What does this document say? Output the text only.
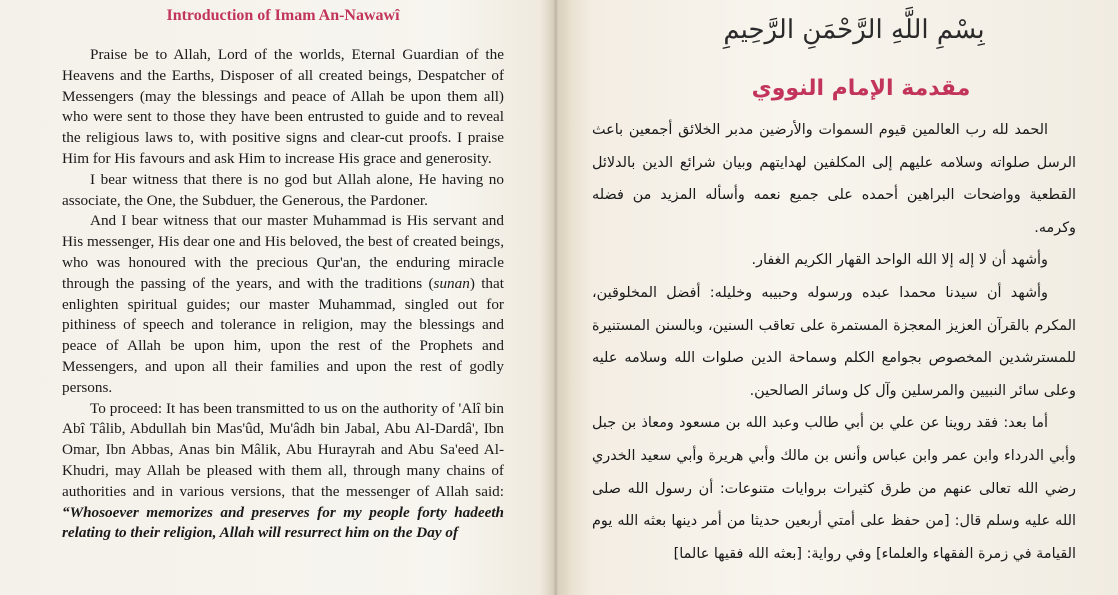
Introduction of Imam An-Nawawî

Praise be to Allah, Lord of the worlds, Eternal Guardian of the Heavens and the Earths, Disposer of all created beings, Despatcher of Messengers (may the blessings and peace of Allah be upon them all) who were sent to those they have been entrusted to guide and to reveal the religious laws to, with positive signs and clear-cut proofs. I praise Him for His favours and ask Him to increase His grace and generosity.

I bear witness that there is no god but Allah alone, He having no associate, the One, the Subduer, the Generous, the Pardoner.

And I bear witness that our master Muhammad is His servant and His messenger, His dear one and His beloved, the best of created beings, who was honoured with the precious Qur'an, the enduring miracle through the passing of the years, and with the traditions (sunan) that enlighten spiritual guides; our master Muhammad, singled out for pithiness of speech and tolerance in religion, may the blessings and peace of Allah be upon him, upon the rest of the Prophets and Messengers, and upon all their families and upon the rest of godly persons.

To proceed: It has been transmitted to us on the authority of 'Alî bin Abî Tâlib, Abdullah bin Mas'ûd, Mu'âdh bin Jabal, Abu Al-Dardâ', Ibn Omar, Ibn Abbas, Anas bin Mâlik, Abu Hurayrah and Abu Sa'eed Al-Khudri, may Allah be pleased with them all, through many chains of authorities and in various versions, that the messenger of Allah said: “Whosoever memorizes and preserves for my people forty hadeeth relating to their religion, Allah will resurrect him on the Day of

بِسْمِ اللَّهِ الرَّحْمَنِ الرَّحِيمِ
مقدمة الإمام النووي

الحمد لله رب العالمين قيوم السموات والأرضين مدبر الخلائق أجمعين باعث الرسل صلواته وسلامه عليهم إلى المكلفين لهدايتهم وبيان شرائع الدين بالدلائل القطعية وواضحات البراهين أحمده على جميع نعمه وأسأله المزيد من فضله وكرمه.

وأشهد أن لا إله إلا الله الواحد القهار الكريم الغفار.

وأشهد أن سيدنا محمدا عبده ورسوله وحبيبه وخليله: أفضل المخلوقين، المكرم بالقرآن العزيز المعجزة المستمرة على تعاقب السنين، وبالسنن المستنيرة للمسترشدين المخصوص بجوامع الكلم وسماحة الدين صلوات الله وسلامه عليه وعلى سائر النبيين والمرسلين وآل كل وسائر الصالحين.

أما بعد: فقد روينا عن علي بن أبي طالب وعبد الله بن مسعود ومعاذ بن جبل وأبي الدرداء وابن عمر وابن عباس وأنس بن مالك وأبي هريرة وأبي سعيد الخدري رضي الله تعالى عنهم من طرق كثيرات بروايات متنوعات: أن رسول الله صلى الله عليه وسلم قال: [من حفظ على أمتي أربعين حديثا من أمر دينها بعثه الله يوم القيامة في زمرة الفقهاء والعلماء] وفي رواية: [بعثه الله فقيها عالما]
